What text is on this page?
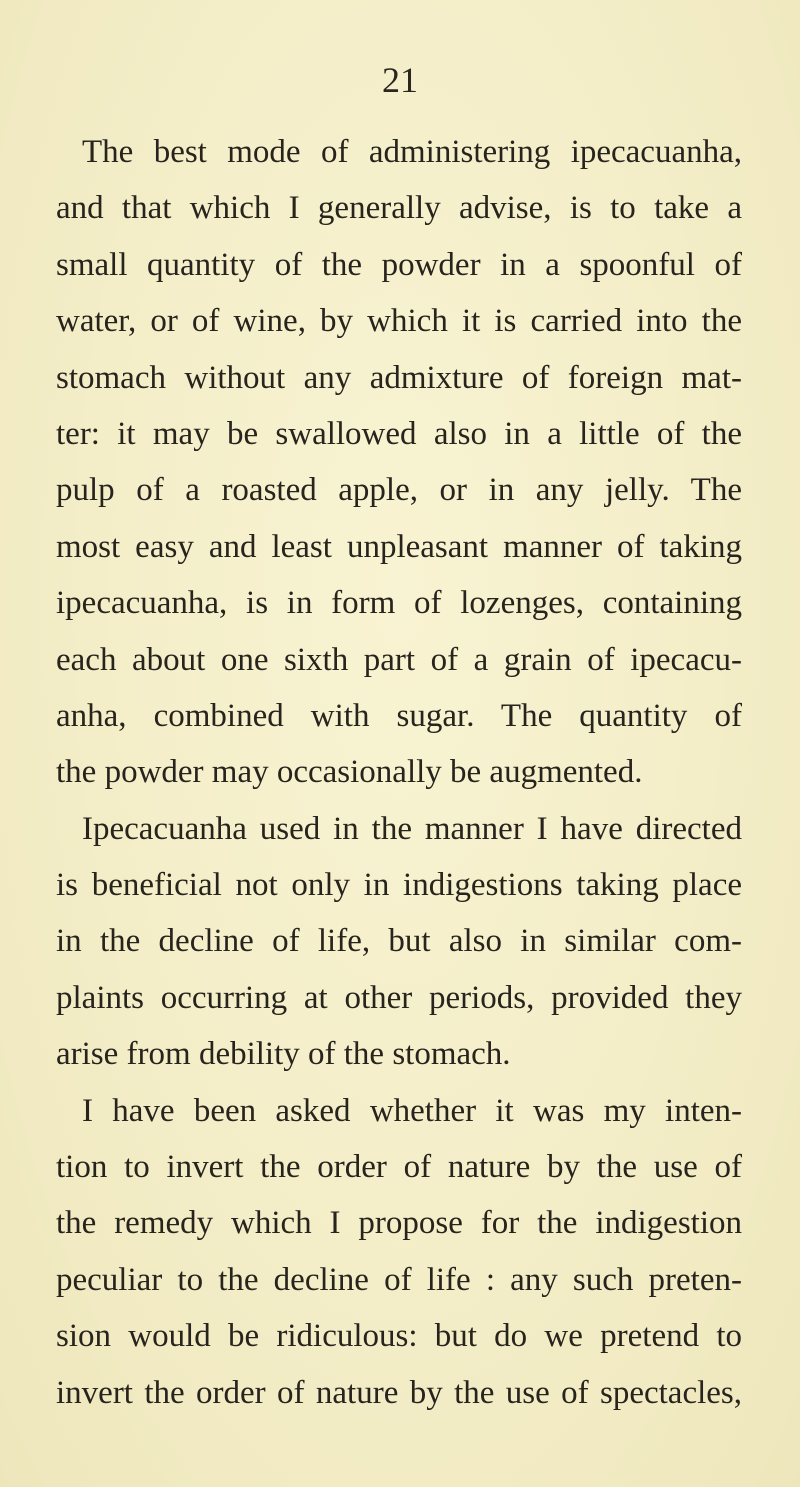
21
The best mode of administering ipecacuanha,
and that which I generally advise, is to take a
small quantity of the powder in a spoonful of
water, or of wine, by which it is carried into the
stomach without any admixture of foreign mat-
ter: it may be swallowed also in a little of the
pulp of a roasted apple, or in any jelly. The
most easy and least unpleasant manner of taking
ipecacuanha, is in form of lozenges, containing
each about one sixth part of a grain of ipecacu-
anha, combined with sugar. The quantity of
the powder may occasionally be augmented.
Ipecacuanha used in the manner I have directed
is beneficial not only in indigestions taking place
in the decline of life, but also in similar com-
plaints occurring at other periods, provided they
arise from debility of the stomach.
I have been asked whether it was my inten-
tion to invert the order of nature by the use of
the remedy which I propose for the indigestion
peculiar to the decline of life : any such preten-
sion would be ridiculous: but do we pretend to
invert the order of nature by the use of spectacles,
